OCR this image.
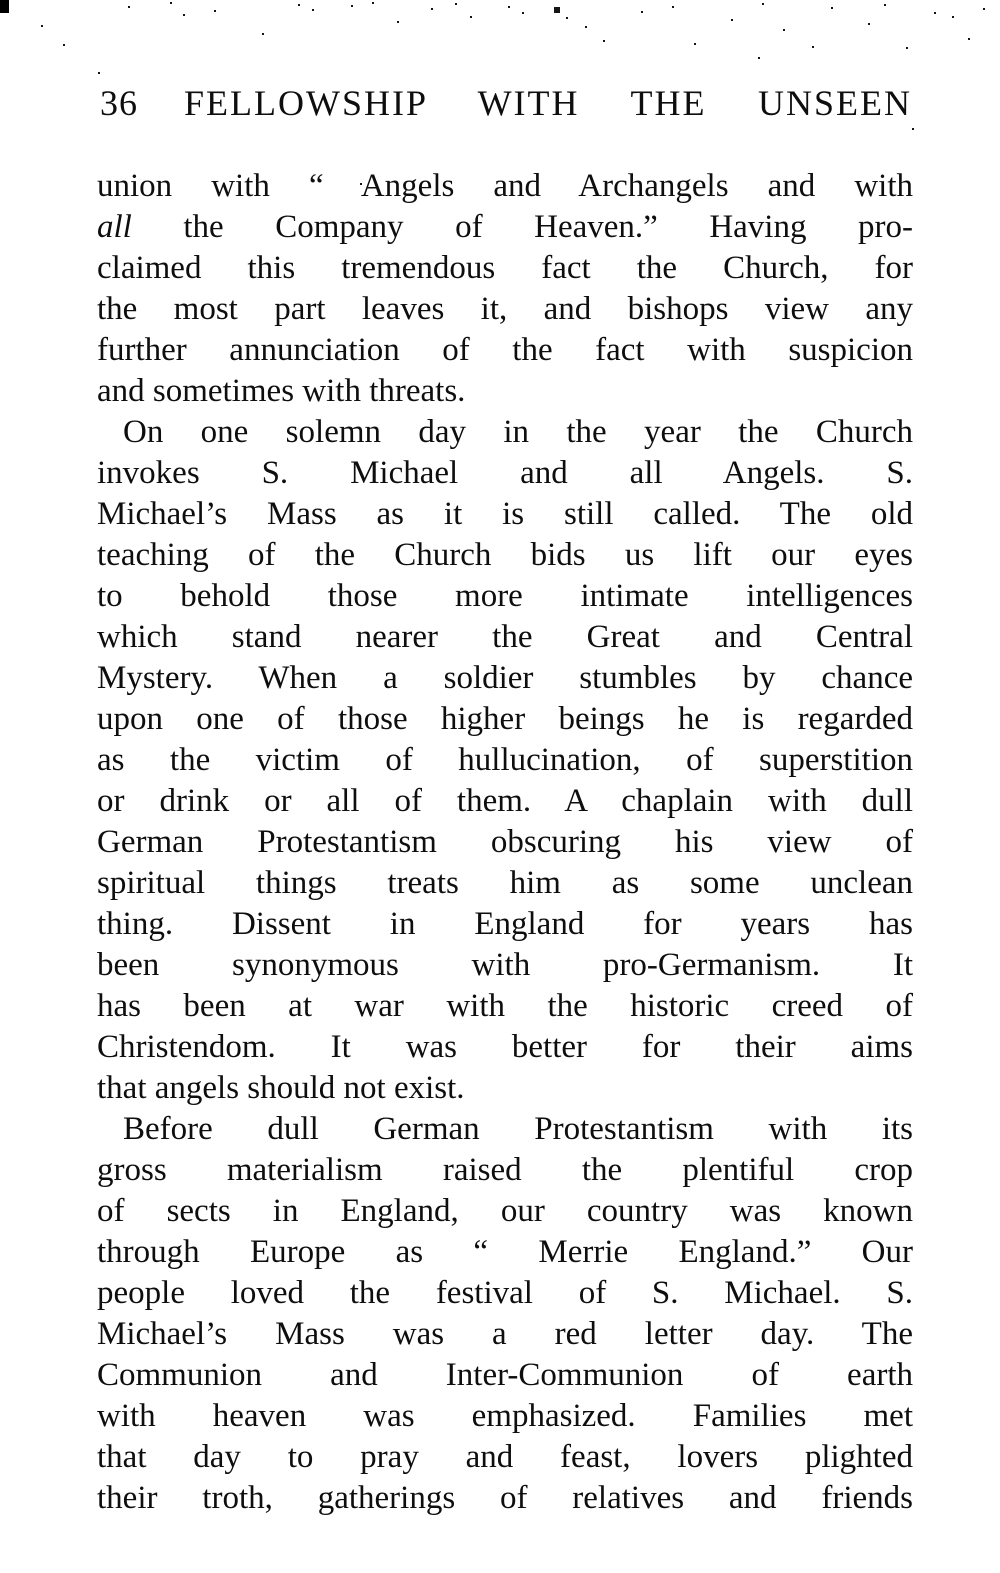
36 FELLOWSHIP WITH THE UNSEEN
union with “ Angels and Archangels and with
all the Company of Heaven.” Having pro-
claimed this tremendous fact the Church, for
the most part leaves it, and bishops view any
further annunciation of the fact with suspicion
and sometimes with threats.
On one solemn day in the year the Church
invokes S. Michael and all Angels. S.
Michael’s Mass as it is still called. The old
teaching of the Church bids us lift our eyes
to behold those more intimate intelligences
which stand nearer the Great and Central
Mystery. When a soldier stumbles by chance
upon one of those higher beings he is regarded
as the victim of hullucination, of superstition
or drink or all of them. A chaplain with dull
German Protestantism obscuring his view of
spiritual things treats him as some unclean
thing. Dissent in England for years has
been synonymous with pro-Germanism. It
has been at war with the historic creed of
Christendom. It was better for their aims
that angels should not exist.
Before dull German Protestantism with its
gross materialism raised the plentiful crop
of sects in England, our country was known
through Europe as “ Merrie England.” Our
people loved the festival of S. Michael. S.
Michael’s Mass was a red letter day. The
Communion and Inter-Communion of earth
with heaven was emphasized. Families met
that day to pray and feast, lovers plighted
their troth, gatherings of relatives and friends
